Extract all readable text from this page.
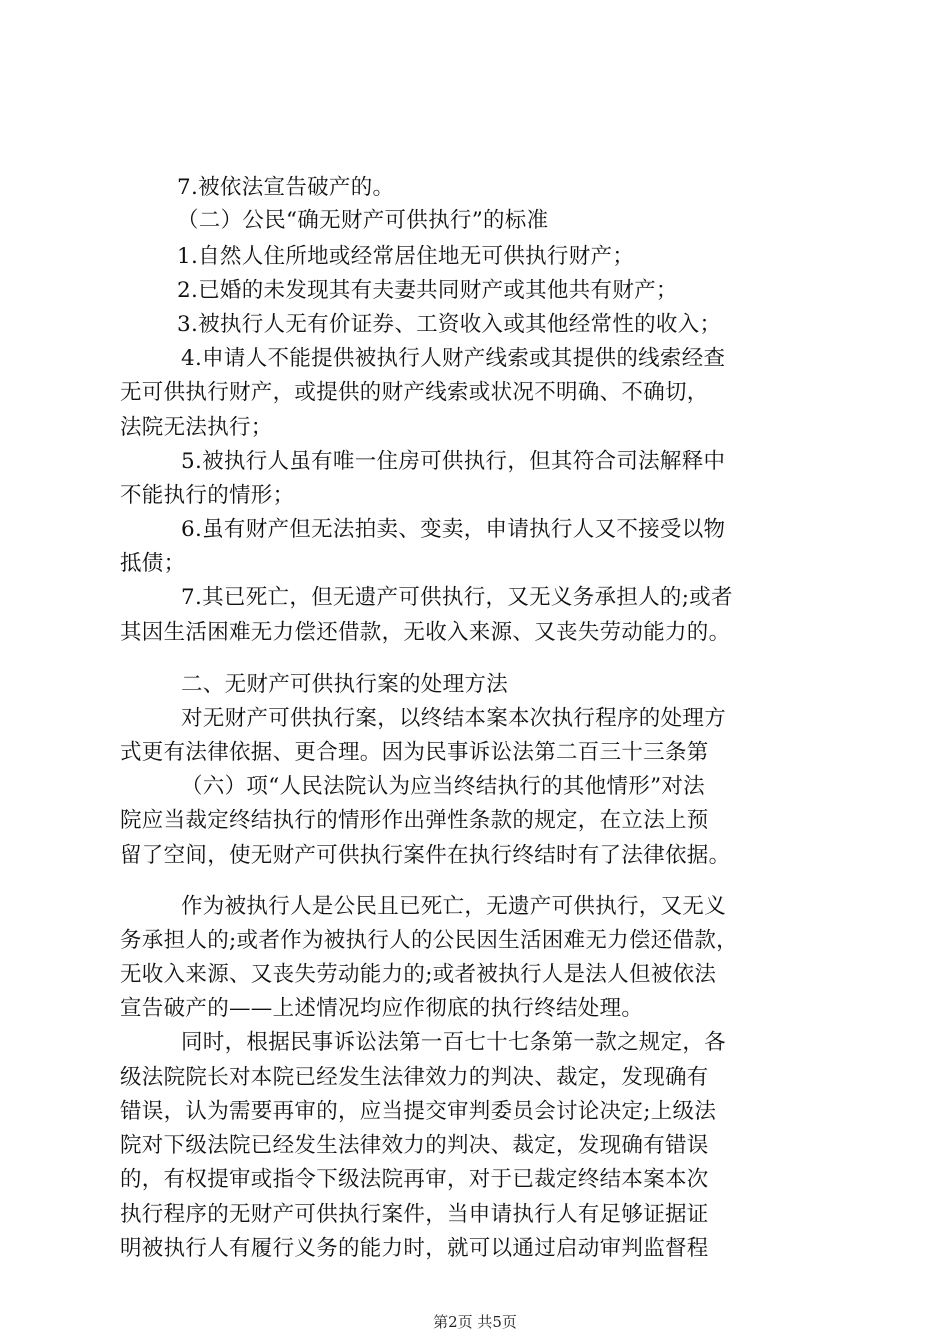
7.被依法宣告破产的。
（二）公民“确无财产可供执行”的标准
1.自然人住所地或经常居住地无可供执行财产；
2.已婚的未发现其有夫妻共同财产或其他共有财产；
3.被执行人无有价证券、工资收入或其他经常性的收入；
4.申请人不能提供被执行人财产线索或其提供的线索经查
无可供执行财产，或提供的财产线索或状况不明确、不确切，
法院无法执行；
5.被执行人虽有唯一住房可供执行，但其符合司法解释中
不能执行的情形；
6.虽有财产但无法拍卖、变卖，申请执行人又不接受以物
抵债；
7.其已死亡，但无遗产可供执行，又无义务承担人的;或者
其因生活困难无力偿还借款，无收入来源、又丧失劳动能力的。
二、无财产可供执行案的处理方法
对无财产可供执行案，以终结本案本次执行程序的处理方
式更有法律依据、更合理。因为民事诉讼法第二百三十三条第
（六）项“人民法院认为应当终结执行的其他情形”对法
院应当裁定终结执行的情形作出弹性条款的规定，在立法上预
留了空间，使无财产可供执行案件在执行终结时有了法律依据。
作为被执行人是公民且已死亡，无遗产可供执行，又无义
务承担人的;或者作为被执行人的公民因生活困难无力偿还借款，
无收入来源、又丧失劳动能力的;或者被执行人是法人但被依法
宣告破产的——上述情况均应作彻底的执行终结处理。
同时，根据民事诉讼法第一百七十七条第一款之规定，各
级法院院长对本院已经发生法律效力的判决、裁定，发现确有
错误，认为需要再审的，应当提交审判委员会讨论决定;上级法
院对下级法院已经发生法律效力的判决、裁定，发现确有错误
的，有权提审或指令下级法院再审，对于已裁定终结本案本次
执行程序的无财产可供执行案件，当申请执行人有足够证据证
明被执行人有履行义务的能力时，就可以通过启动审判监督程
第2页 共5页
